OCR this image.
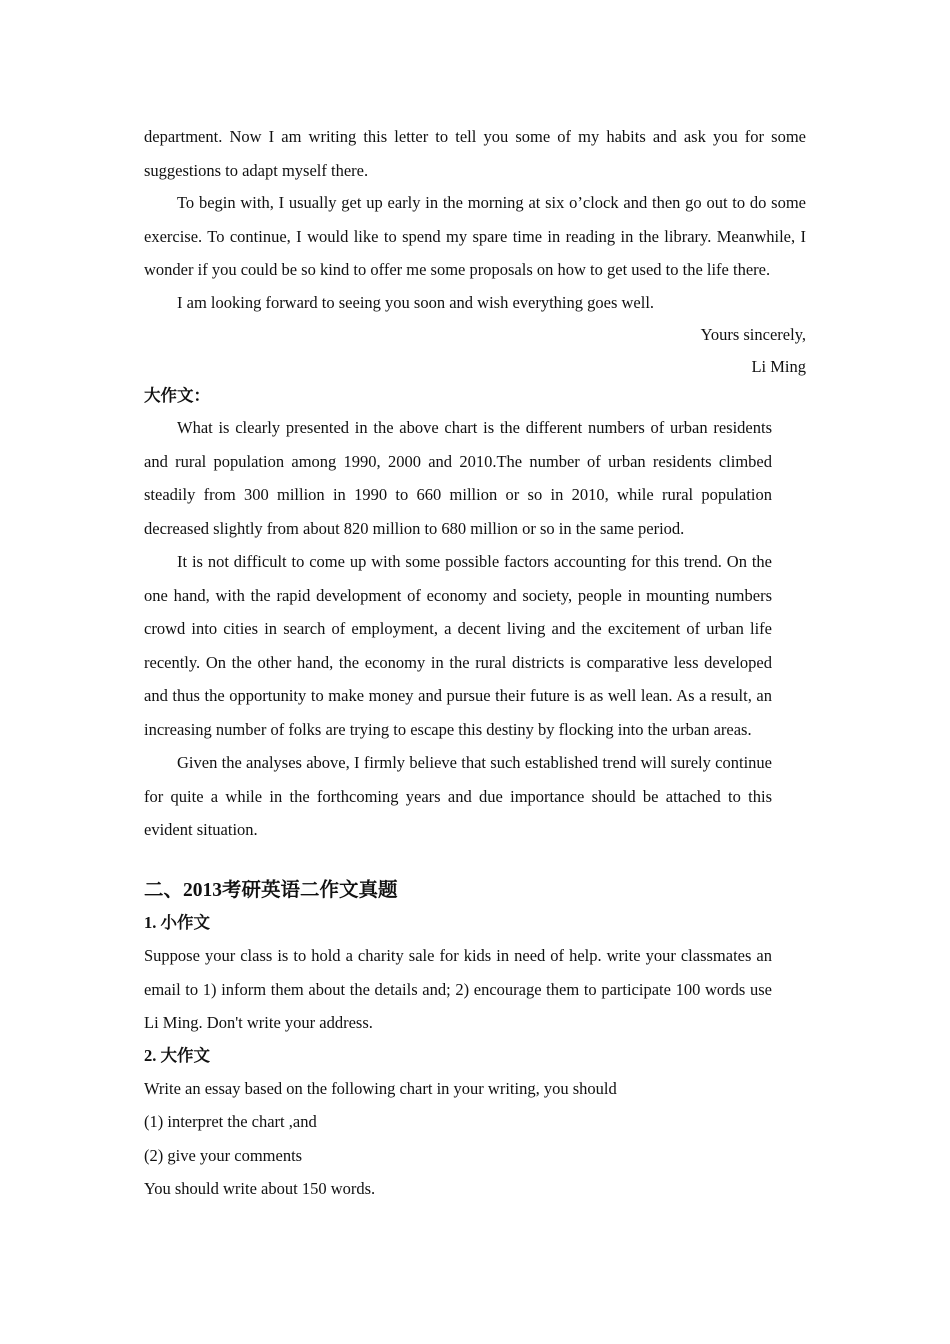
department. Now I am writing this letter to tell you some of my habits and ask you for some suggestions to adapt myself there.

To begin with, I usually get up early in the morning at six o’clock and then go out to do some exercise. To continue, I would like to spend my spare time in reading in the library. Meanwhile, I wonder if you could be so kind to offer me some proposals on how to get used to the life there.

I am looking forward to seeing you soon and wish everything goes well.

Yours sincerely,

Li Ming

大作文：

What is clearly presented in the above chart is the different numbers of urban residents and rural population among 1990, 2000 and 2010.The number of urban residents climbed steadily from 300 million in 1990 to 660 million or so in 2010, while rural population decreased slightly from about 820 million to 680 million or so in the same period.

It is not difficult to come up with some possible factors accounting for this trend. On the one hand, with the rapid development of economy and society, people in mounting numbers crowd into cities in search of employment, a decent living and the excitement of urban life recently. On the other hand, the economy in the rural districts is comparative less developed and thus the opportunity to make money and pursue their future is as well lean. As a result, an increasing number of folks are trying to escape this destiny by flocking into the urban areas.

Given the analyses above, I firmly believe that such established trend will surely continue for quite a while in the forthcoming years and due importance should be attached to this evident situation.

二、2013考研英语二作文真题

1. 小作文

Suppose your class is to hold a charity sale for kids in need of help. write your classmates an email to 1) inform them about the details and; 2) encourage them to participate 100 words use Li Ming. Don't write your address.

2. 大作文

Write an essay based on the following chart in your writing, you should

(1) interpret the chart ,and

(2) give your comments

You should write about 150 words.
